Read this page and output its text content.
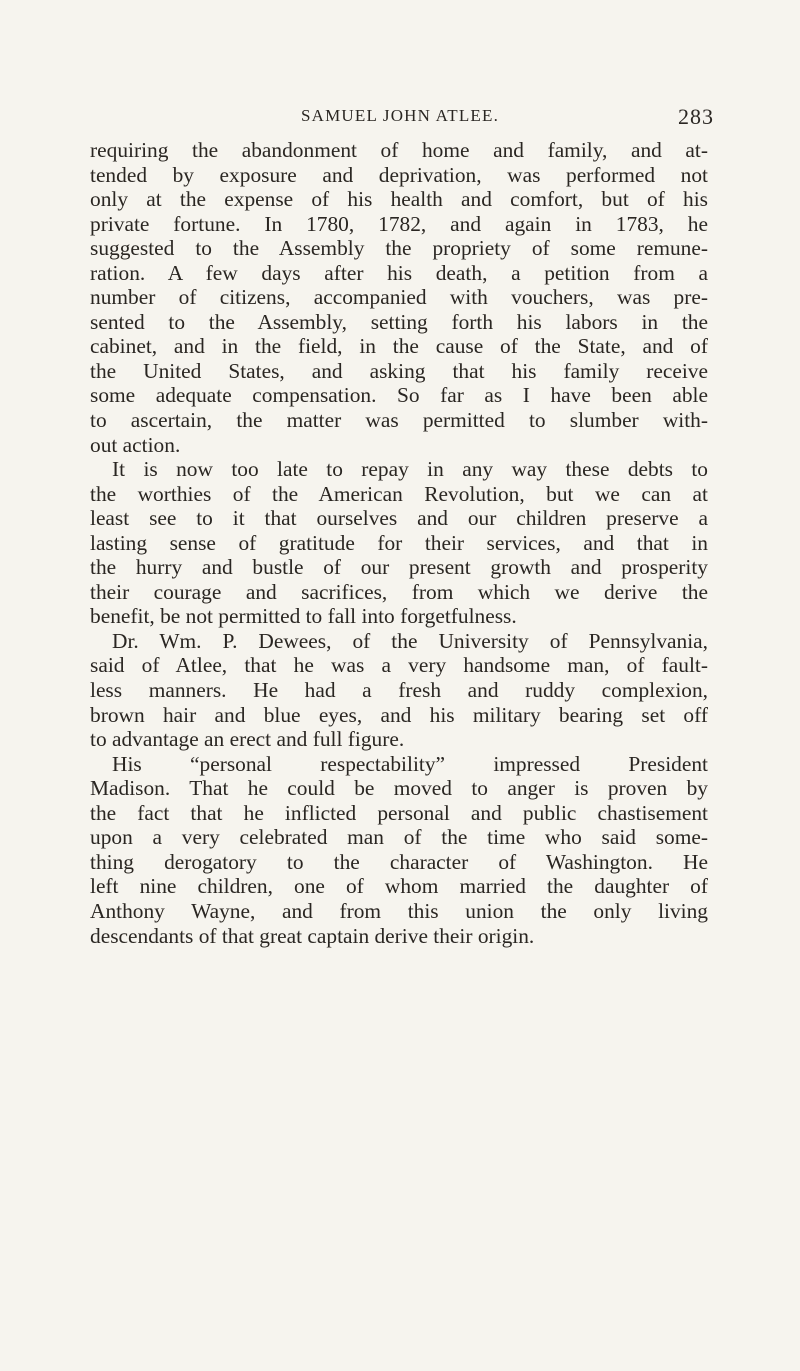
SAMUEL JOHN ATLEE.	283
requiring the abandonment of home and family, and at-
tended by exposure and deprivation, was performed not
only at the expense of his health and comfort, but of his
private fortune. In 1780, 1782, and again in 1783, he
suggested to the Assembly the propriety of some remune-
ration. A few days after his death, a petition from a
number of citizens, accompanied with vouchers, was pre-
sented to the Assembly, setting forth his labors in the
cabinet, and in the field, in the cause of the State, and of
the United States, and asking that his family receive
some adequate compensation. So far as I have been able
to ascertain, the matter was permitted to slumber with-
out action.
It is now too late to repay in any way these debts to
the worthies of the American Revolution, but we can at
least see to it that ourselves and our children preserve a
lasting sense of gratitude for their services, and that in
the hurry and bustle of our present growth and prosperity
their courage and sacrifices, from which we derive the
benefit, be not permitted to fall into forgetfulness.
Dr. Wm. P. Dewees, of the University of Pennsylvania,
said of Atlee, that he was a very handsome man, of fault-
less manners. He had a fresh and ruddy complexion,
brown hair and blue eyes, and his military bearing set off
to advantage an erect and full figure.
His “personal respectability” impressed President
Madison. That he could be moved to anger is proven by
the fact that he inflicted personal and public chastisement
upon a very celebrated man of the time who said some-
thing derogatory to the character of Washington. He
left nine children, one of whom married the daughter of
Anthony Wayne, and from this union the only living
descendants of that great captain derive their origin.
